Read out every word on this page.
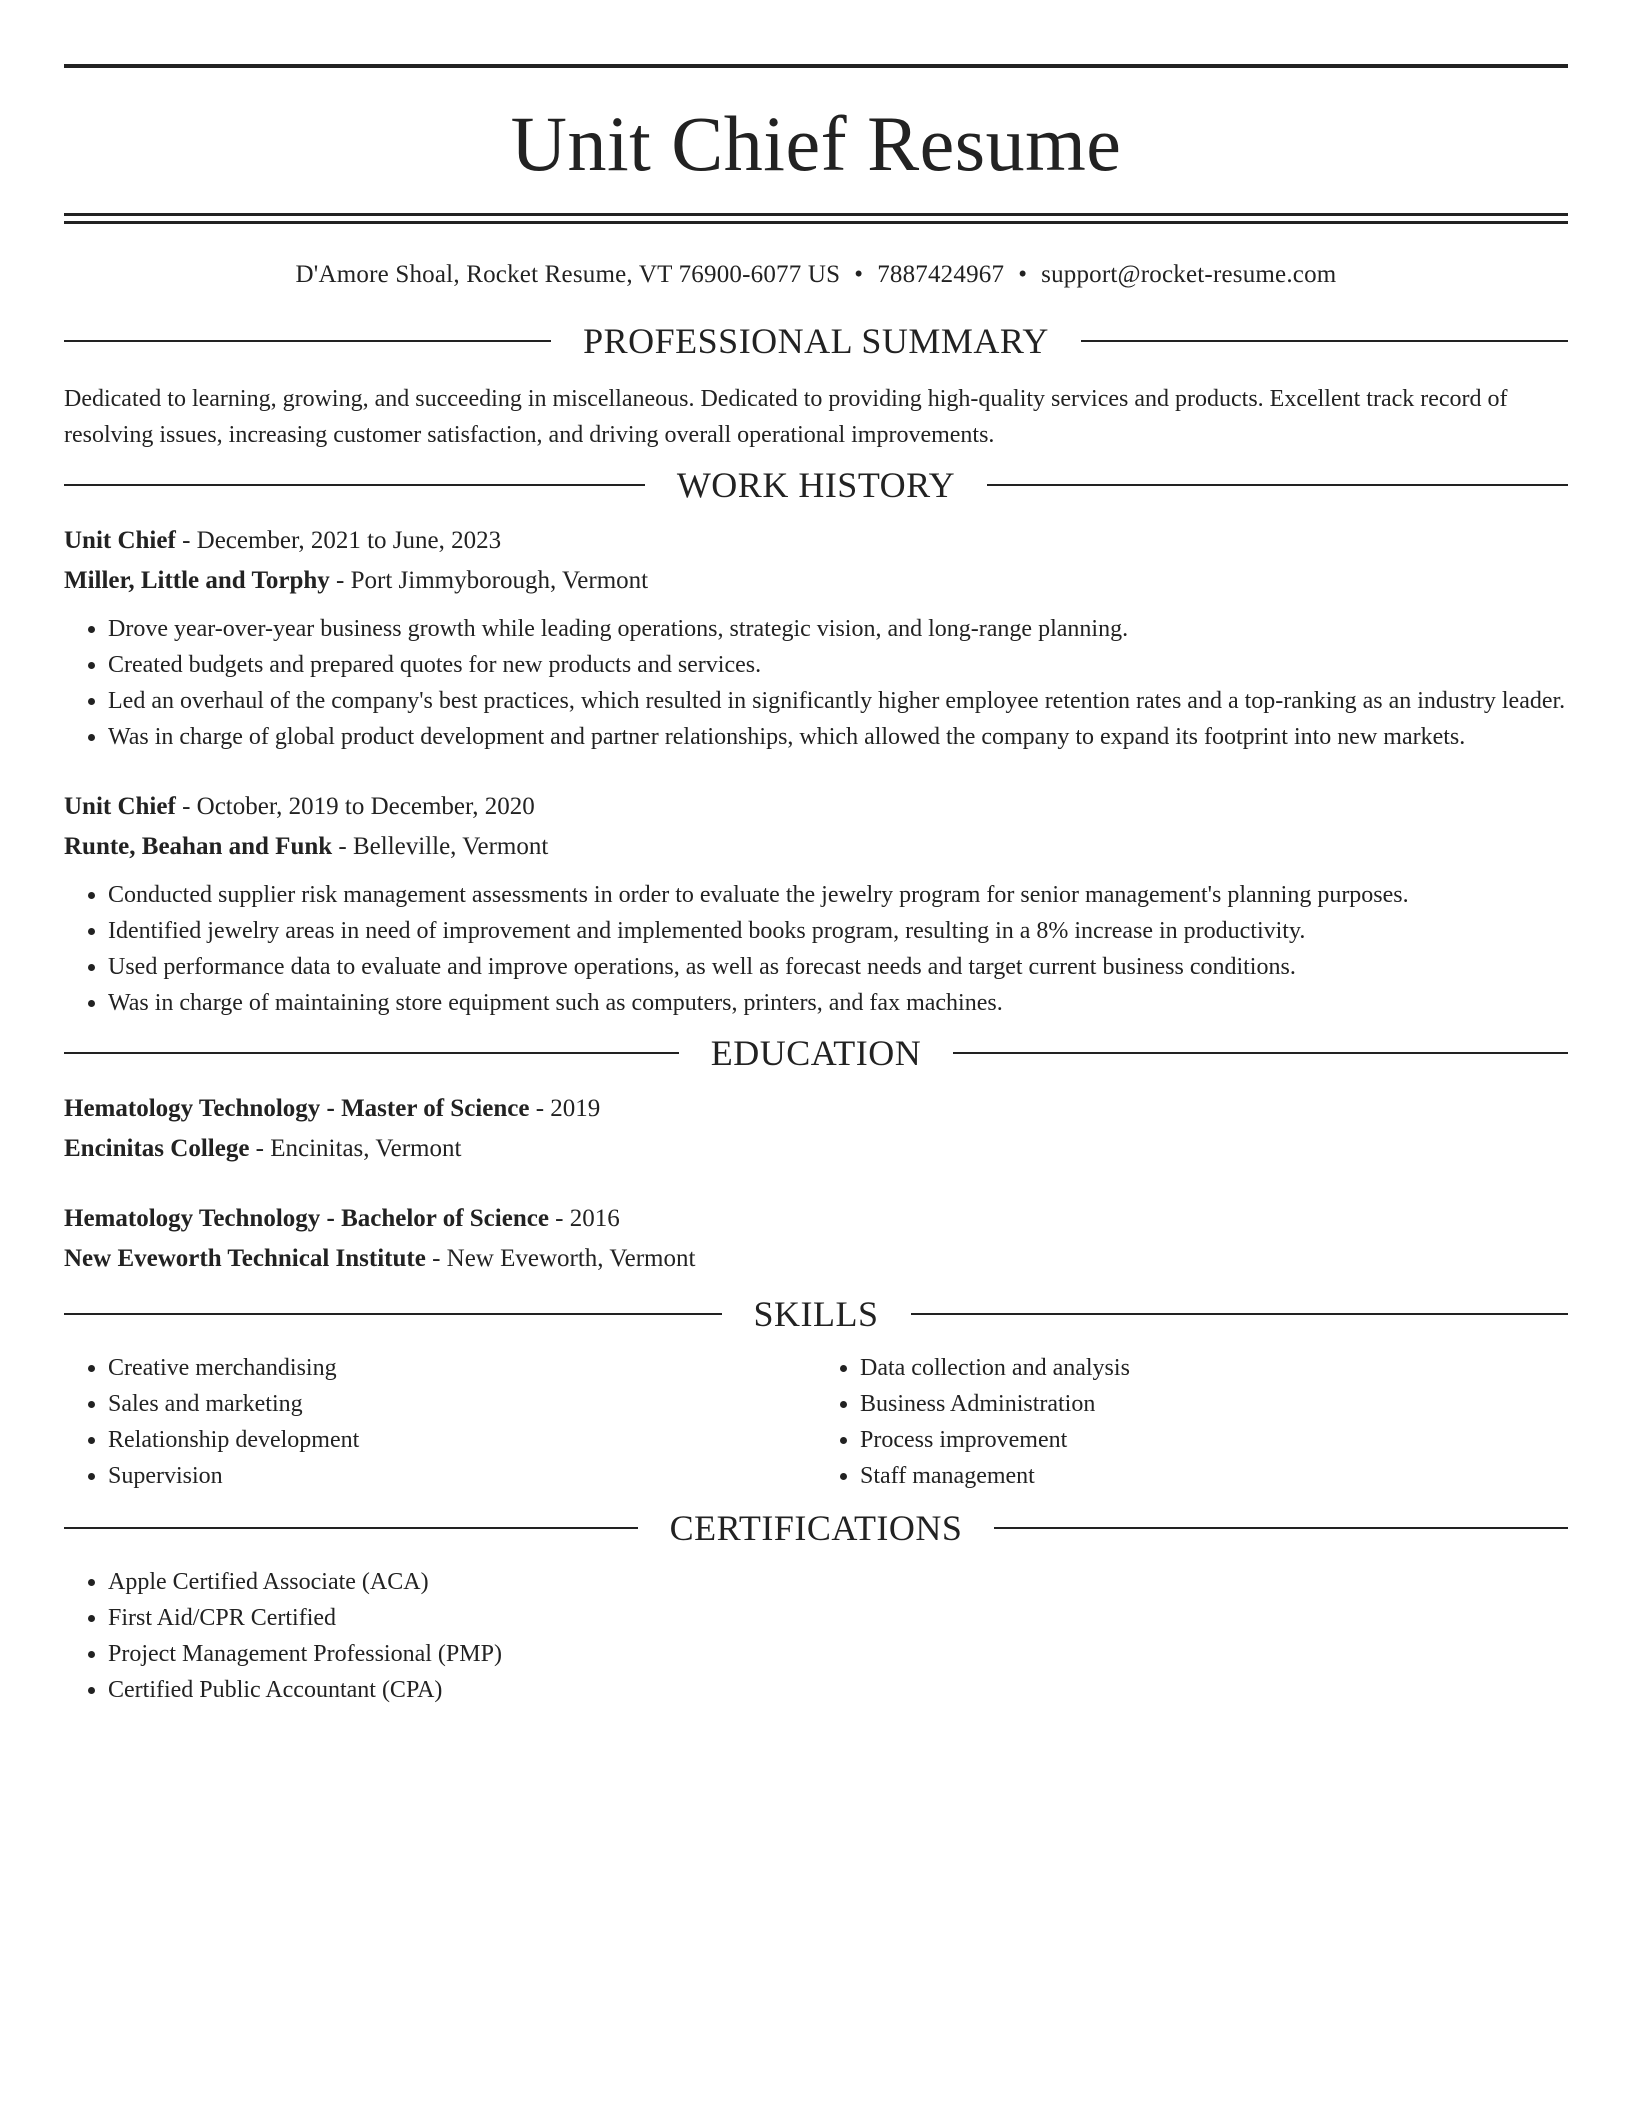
Unit Chief Resume
D'Amore Shoal, Rocket Resume, VT 76900-6077 US • 7887424967 • support@rocket-resume.com
PROFESSIONAL SUMMARY

Dedicated to learning, growing, and succeeding in miscellaneous. Dedicated to providing high-quality services and products. Excellent track record of resolving issues, increasing customer satisfaction, and driving overall operational improvements.

WORK HISTORY
Unit Chief - December, 2021 to June, 2023
Miller, Little and Torphy - Port Jimmyborough, Vermont
• Drove year-over-year business growth while leading operations, strategic vision, and long-range planning.
• Created budgets and prepared quotes for new products and services.
• Led an overhaul of the company's best practices, which resulted in significantly higher employee retention rates and a top-ranking as an industry leader.
• Was in charge of global product development and partner relationships, which allowed the company to expand its footprint into new markets.
Unit Chief - October, 2019 to December, 2020
Runte, Beahan and Funk - Belleville, Vermont
• Conducted supplier risk management assessments in order to evaluate the jewelry program for senior management's planning purposes.
• Identified jewelry areas in need of improvement and implemented books program, resulting in a 8% increase in productivity.
• Used performance data to evaluate and improve operations, as well as forecast needs and target current business conditions.
• Was in charge of maintaining store equipment such as computers, printers, and fax machines.
EDUCATION
Hematology Technology - Master of Science - 2019
Encinitas College - Encinitas, Vermont
Hematology Technology - Bachelor of Science - 2016
New Eveworth Technical Institute - New Eveworth, Vermont
SKILLS
• Creative merchandising
• Sales and marketing
• Relationship development
• Supervision
• Data collection and analysis
• Business Administration
• Process improvement
• Staff management
CERTIFICATIONS
• Apple Certified Associate (ACA)
• First Aid/CPR Certified
• Project Management Professional (PMP)
• Certified Public Accountant (CPA)
